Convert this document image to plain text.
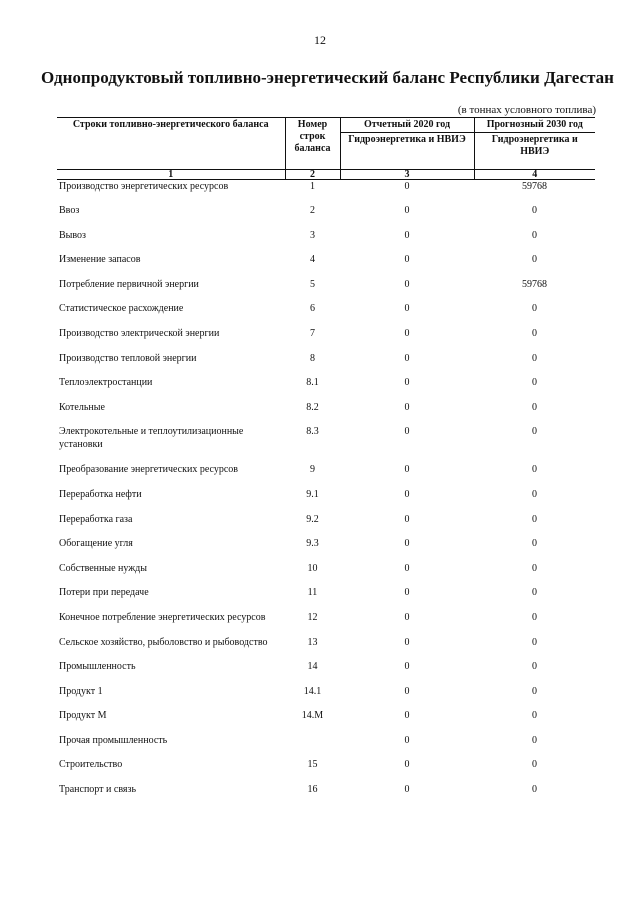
12
Однопродуктовый топливно-энергетический баланс Республики Дагестан
(в тоннах условного топлива)
Строки топливно-энергетического баланса	Номер строк баланса	Отчетный 2020 год	Прогнозный 2030 год
		Гидроэнергетика и НВИЭ	Гидроэнергетика и НВИЭ
1	2	3	4
Производство энергетических ресурсов	1	0	59768
Ввоз	2	0	0
Вывоз	3	0	0
Изменение запасов	4	0	0
Потребление первичной энергии	5	0	59768
Статистическое расхождение	6	0	0
Производство электрической энергии	7	0	0
Производство тепловой энергии	8	0	0
Теплоэлектростанции	8.1	0	0
Котельные	8.2	0	0
Электрокотельные и теплоутилизационные установки	8.3	0	0
Преобразование энергетических ресурсов	9	0	0
Переработка нефти	9.1	0	0
Переработка газа	9.2	0	0
Обогащение угля	9.3	0	0
Собственные нужды	10	0	0
Потери при передаче	11	0	0
Конечное потребление энергетических ресурсов	12	0	0
Сельское хозяйство, рыболовство и рыбоводство	13	0	0
Промышленность	14	0	0
Продукт 1	14.1	0	0
Продукт М	14.М	0	0
Прочая промышленность		0	0
Строительство	15	0	0
Транспорт и связь	16	0	0
